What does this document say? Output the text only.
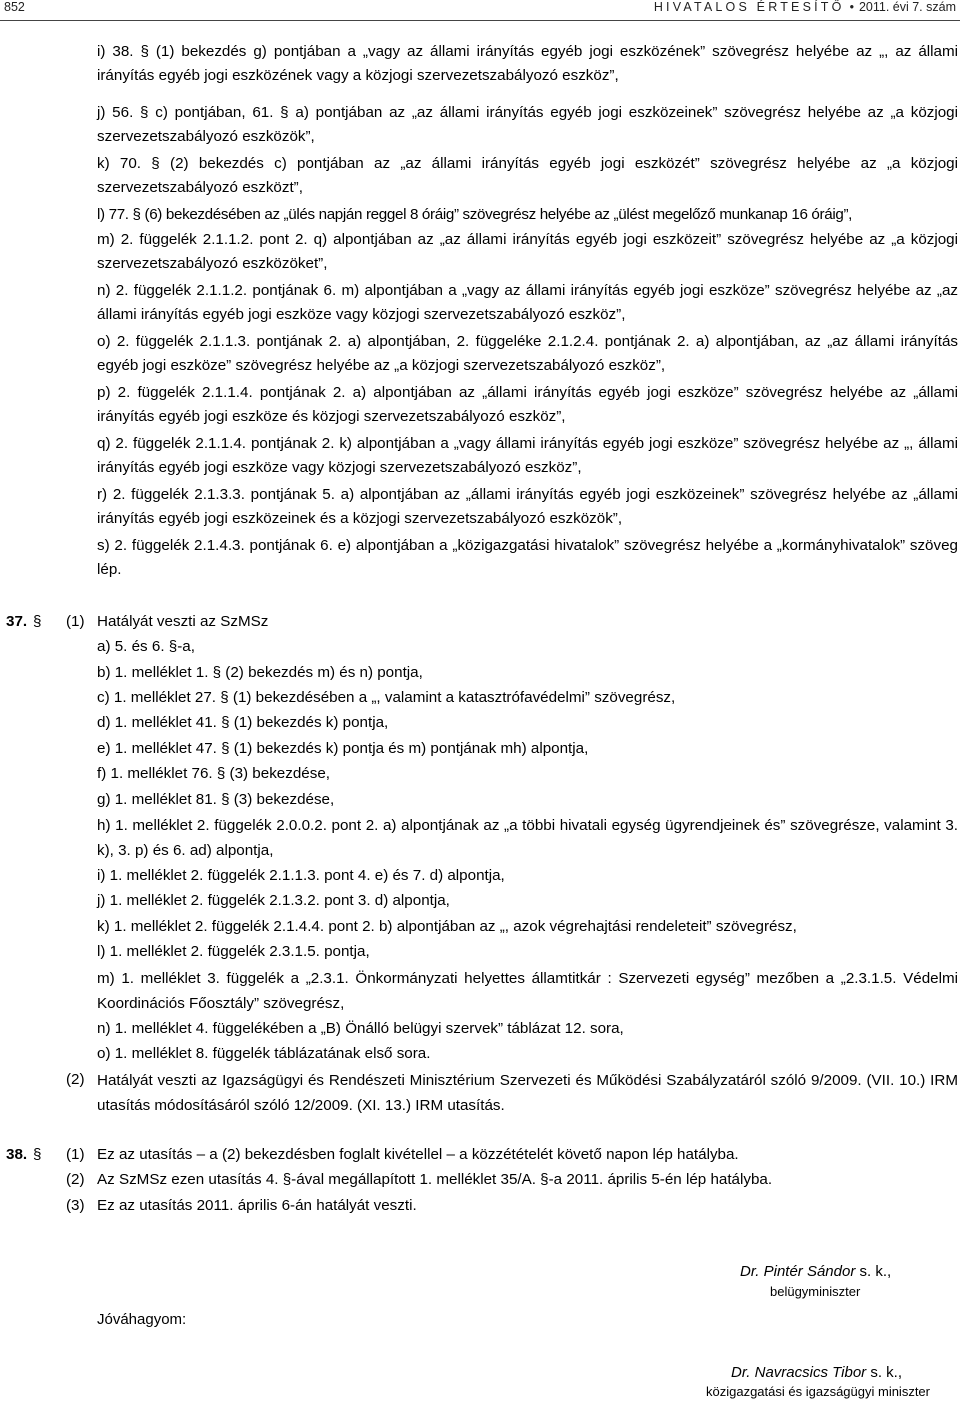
852	HIVATALOS ÉRTESÍTŐ • 2011. évi 7. szám
i) 38. § (1) bekezdés g) pontjában a „vagy az állami irányítás egyéb jogi eszközének” szövegrész helyébe az „, az állami irányítás egyéb jogi eszközének vagy a közjogi szervezetszabályozó eszköz”,
j) 56. § c) pontjában, 61. § a) pontjában az „az állami irányítás egyéb jogi eszközeinek” szövegrész helyébe az „a közjogi szervezetszabályozó eszközök”,
k) 70. § (2) bekezdés c) pontjában az „az állami irányítás egyéb jogi eszközét” szövegrész helyébe az „a közjogi szervezetszabályozó eszközt”,
l) 77. § (6) bekezdésében az „ülés napján reggel 8 óráig” szövegrész helyébe az „ülést megelőző munkanap 16 óráig”,
m) 2. függelék 2.1.1.2. pont 2. q) alpontjában az „az állami irányítás egyéb jogi eszközeit” szövegrész helyébe az „a közjogi szervezetszabályozó eszközöket”,
n) 2. függelék 2.1.1.2. pontjának 6. m) alpontjában a „vagy az állami irányítás egyéb jogi eszköze” szövegrész helyébe az „az állami irányítás egyéb jogi eszköze vagy közjogi szervezetszabályozó eszköz”,
o) 2. függelék 2.1.1.3. pontjának 2. a) alpontjában, 2. függeléke 2.1.2.4. pontjának 2. a) alpontjában, az „az állami irányítás egyéb jogi eszköze” szövegrész helyébe az „a közjogi szervezetszabályozó eszköz”,
p) 2. függelék 2.1.1.4. pontjának 2. a) alpontjában az „állami irányítás egyéb jogi eszköze” szövegrész helyébe az „állami irányítás egyéb jogi eszköze és közjogi szervezetszabályozó eszköz”,
q) 2. függelék 2.1.1.4. pontjának 2. k) alpontjában a „vagy állami irányítás egyéb jogi eszköze” szövegrész helyébe az „, állami irányítás egyéb jogi eszköze vagy közjogi szervezetszabályozó eszköz”,
r) 2. függelék 2.1.3.3. pontjának 5. a) alpontjában az „állami irányítás egyéb jogi eszközeinek” szövegrész helyébe az „állami irányítás egyéb jogi eszközeinek és a közjogi szervezetszabályozó eszközök”,
s) 2. függelék 2.1.4.3. pontjának 6. e) alpontjában a „közigazgatási hivatalok” szövegrész helyébe a „kormányhivatalok” szöveg lép.
37. § (1) Hatályát veszti az SzMSz
a) 5. és 6. §-a,
b) 1. melléklet 1. § (2) bekezdés m) és n) pontja,
c) 1. melléklet 27. § (1) bekezdésében a „, valamint a katasztrófavédelmi” szövegrész,
d) 1. melléklet 41. § (1) bekezdés k) pontja,
e) 1. melléklet 47. § (1) bekezdés k) pontja és m) pontjának mh) alpontja,
f) 1. melléklet 76. § (3) bekezdése,
g) 1. melléklet 81. § (3) bekezdése,
h) 1. melléklet 2. függelék 2.0.0.2. pont 2. a) alpontjának az „a többi hivatali egység ügyrendjeinek és” szövegrésze, valamint 3. k), 3. p) és 6. ad) alpontja,
i) 1. melléklet 2. függelék 2.1.1.3. pont 4. e) és 7. d) alpontja,
j) 1. melléklet 2. függelék 2.1.3.2. pont 3. d) alpontja,
k) 1. melléklet 2. függelék 2.1.4.4. pont 2. b) alpontjában az „, azok végrehajtási rendeleteit” szövegrész,
l) 1. melléklet 2. függelék 2.3.1.5. pontja,
m) 1. melléklet 3. függelék a „2.3.1. Önkormányzati helyettes államtitkár : Szervezeti egység” mezőben a „2.3.1.5. Védelmi Koordinációs Főosztály” szövegrész,
n) 1. melléklet 4. függelékében a „B) Önálló belügyi szervek” táblázat 12. sora,
o) 1. melléklet 8. függelék táblázatának első sora.
(2) Hatályát veszti az Igazságügyi és Rendészeti Minisztérium Szervezeti és Működési Szabályzatáról szóló 9/2009. (VII. 10.) IRM utasítás módosításáról szóló 12/2009. (XI. 13.) IRM utasítás.
38. § (1) Ez az utasítás – a (2) bekezdésben foglalt kivétellel – a közzétételét követő napon lép hatályba.
(2) Az SzMSz ezen utasítás 4. §-ával megállapított 1. melléklet 35/A. §-a 2011. április 5-én lép hatályba.
(3) Ez az utasítás 2011. április 6-án hatályát veszti.
Dr. Pintér Sándor s. k.,
belügyminiszter
Jóváhagyom:
Dr. Navracsics Tibor s. k.,
közigazgatási és igazságügyi miniszter
